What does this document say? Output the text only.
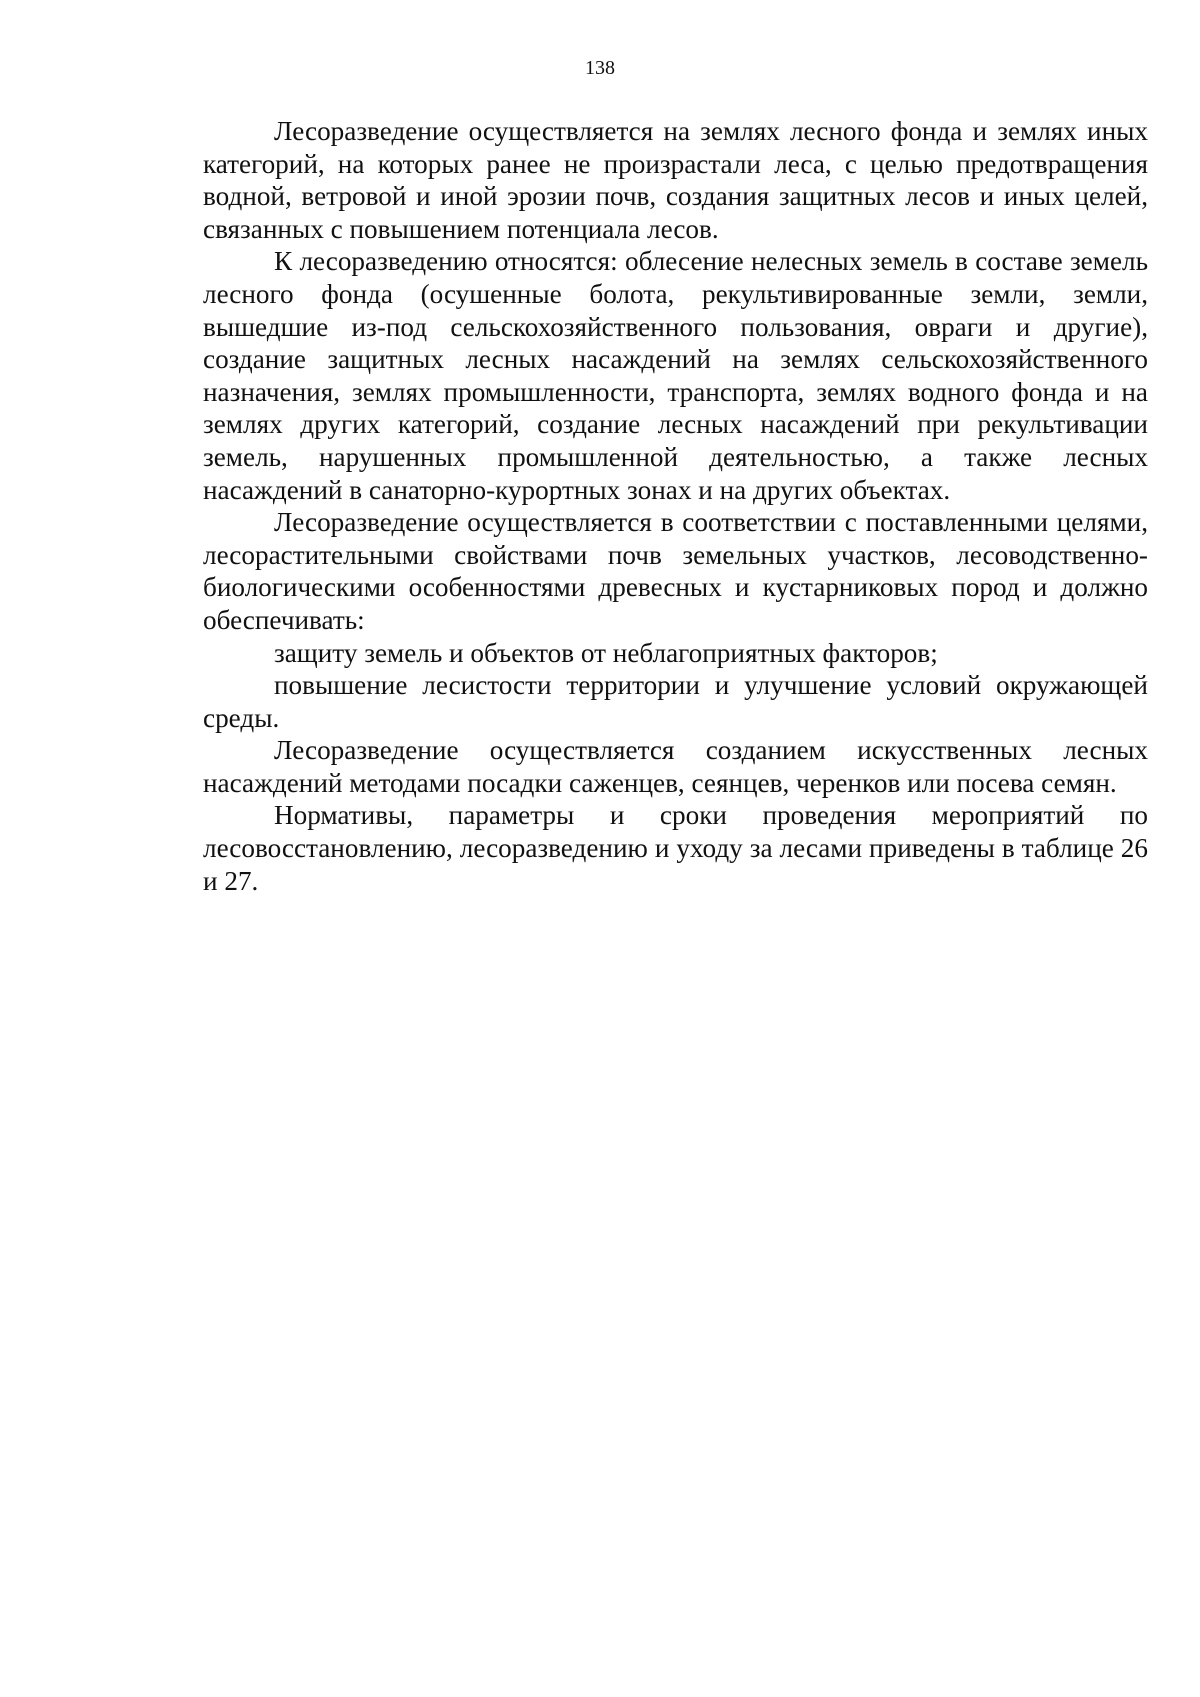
138

Лесоразведение осуществляется на землях лесного фонда и землях иных категорий, на которых ранее не произрастали леса, с целью предотвращения водной, ветровой и иной эрозии почв, создания защитных лесов и иных целей, связанных с повышением потенциала лесов.

К лесоразведению относятся: облесение нелесных земель в составе земель лесного фонда (осушенные болота, рекультивированные земли, земли, вышедшие из-под сельскохозяйственного пользования, овраги и другие), создание защитных лесных насаждений на землях сельскохозяйственного назначения, землях промышленности, транспорта, землях водного фонда и на землях других категорий, создание лесных насаждений при рекультивации земель, нарушенных промышленной деятельностью, а также лесных насаждений в санаторно-курортных зонах и на других объектах.

Лесоразведение осуществляется в соответствии с поставленными целями, лесорастительными свойствами почв земельных участков, лесоводственно-биологическими особенностями древесных и кустарниковых пород и должно обеспечивать:

защиту земель и объектов от неблагоприятных факторов;

повышение лесистости территории и улучшение условий окружающей среды.

Лесоразведение осуществляется созданием искусственных лесных насаждений методами посадки саженцев, сеянцев, черенков или посева семян.

Нормативы, параметры и сроки проведения мероприятий по лесовосстановлению, лесоразведению и уходу за лесами приведены в таблице 26 и 27.
